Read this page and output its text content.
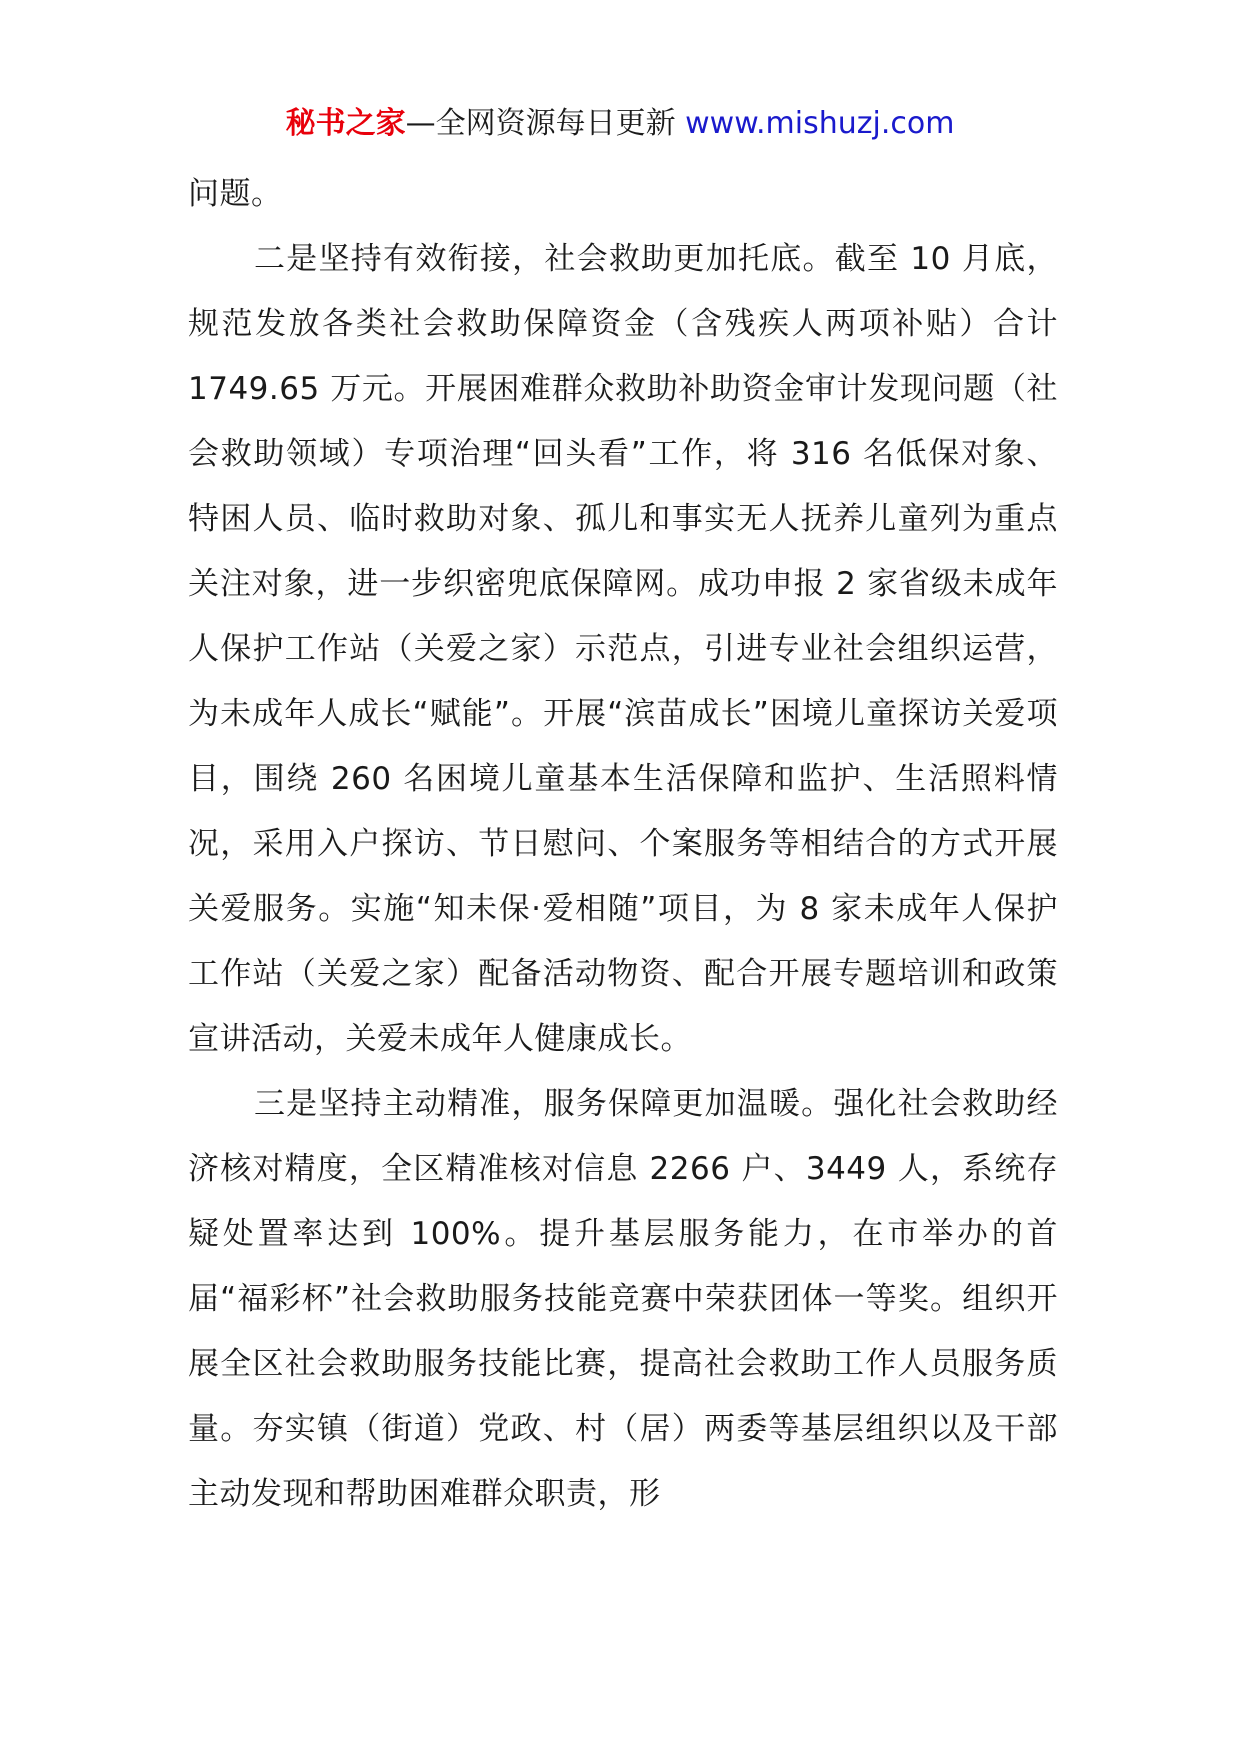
秘书之家—全网资源每日更新 www.mishuzj.com

问题。

二是坚持有效衔接，社会救助更加托底。截至 10 月底，规范发放各类社会救助保障资金（含残疾人两项补贴）合计 1749.65 万元。开展困难群众救助补助资金审计发现问题（社会救助领域）专项治理“回头看”工作，将 316 名低保对象、特困人员、临时救助对象、孤儿和事实无人抚养儿童列为重点关注对象，进一步织密兜底保障网。成功申报 2 家省级未成年人保护工作站（关爱之家）示范点，引进专业社会组织运营，为未成年人成长“赋能”。开展“滨苗成长”困境儿童探访关爱项目，围绕 260 名困境儿童基本生活保障和监护、生活照料情况，采用入户探访、节日慰问、个案服务等相结合的方式开展关爱服务。实施“知未保·爱相随”项目，为 8 家未成年人保护工作站（关爱之家）配备活动物资、配合开展专题培训和政策宣讲活动，关爱未成年人健康成长。

三是坚持主动精准，服务保障更加温暖。强化社会救助经济核对精度，全区精准核对信息 2266 户、3449 人，系统存疑处置率达到 100%。提升基层服务能力，在市举办的首届“福彩杯”社会救助服务技能竞赛中荣获团体一等奖。组织开展全区社会救助服务技能比赛，提高社会救助工作人员服务质量。夯实镇（街道）党政、村（居）两委等基层组织以及干部主动发现和帮助困难群众职责，形
